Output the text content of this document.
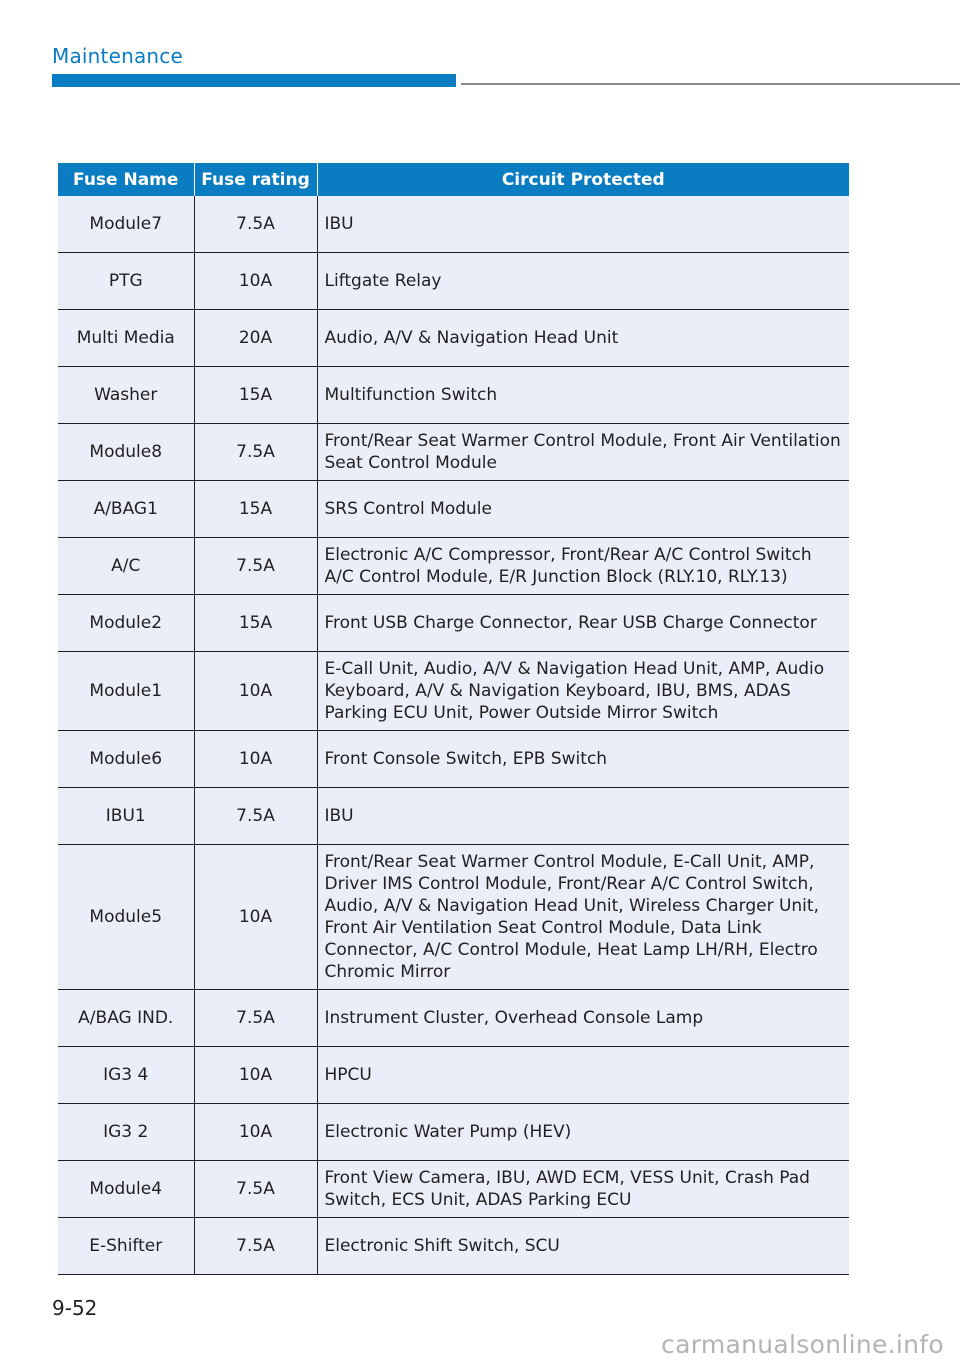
Maintenance
Fuse Name	Fuse rating	Circuit Protected
Module7	7.5A	IBU
PTG	10A	Liftgate Relay
Multi Media	20A	Audio, A/V & Navigation Head Unit
Washer	15A	Multifunction Switch
Module8	7.5A	Front/Rear Seat Warmer Control Module, Front Air Ventilation Seat Control Module
A/BAG1	15A	SRS Control Module
A/C	7.5A	Electronic A/C Compressor, Front/Rear A/C Control Switch A/C Control Module, E/R Junction Block (RLY.10, RLY.13)
Module2	15A	Front USB Charge Connector, Rear USB Charge Connector
Module1	10A	E-Call Unit, Audio, A/V & Navigation Head Unit, AMP, Audio Keyboard, A/V & Navigation Keyboard, IBU, BMS, ADAS Parking ECU Unit, Power Outside Mirror Switch
Module6	10A	Front Console Switch, EPB Switch
IBU1	7.5A	IBU
Module5	10A	Front/Rear Seat Warmer Control Module, E-Call Unit, AMP, Driver IMS Control Module, Front/Rear A/C Control Switch, Audio, A/V & Navigation Head Unit, Wireless Charger Unit, Front Air Ventilation Seat Control Module, Data Link Connector, A/C Control Module, Heat Lamp LH/RH, Electro Chromic Mirror
A/BAG IND.	7.5A	Instrument Cluster, Overhead Console Lamp
IG3 4	10A	HPCU
IG3 2	10A	Electronic Water Pump (HEV)
Module4	7.5A	Front View Camera, IBU, AWD ECM, VESS Unit, Crash Pad Switch, ECS Unit, ADAS Parking ECU
E-Shifter	7.5A	Electronic Shift Switch, SCU
9-52
carmanualsonline.info
